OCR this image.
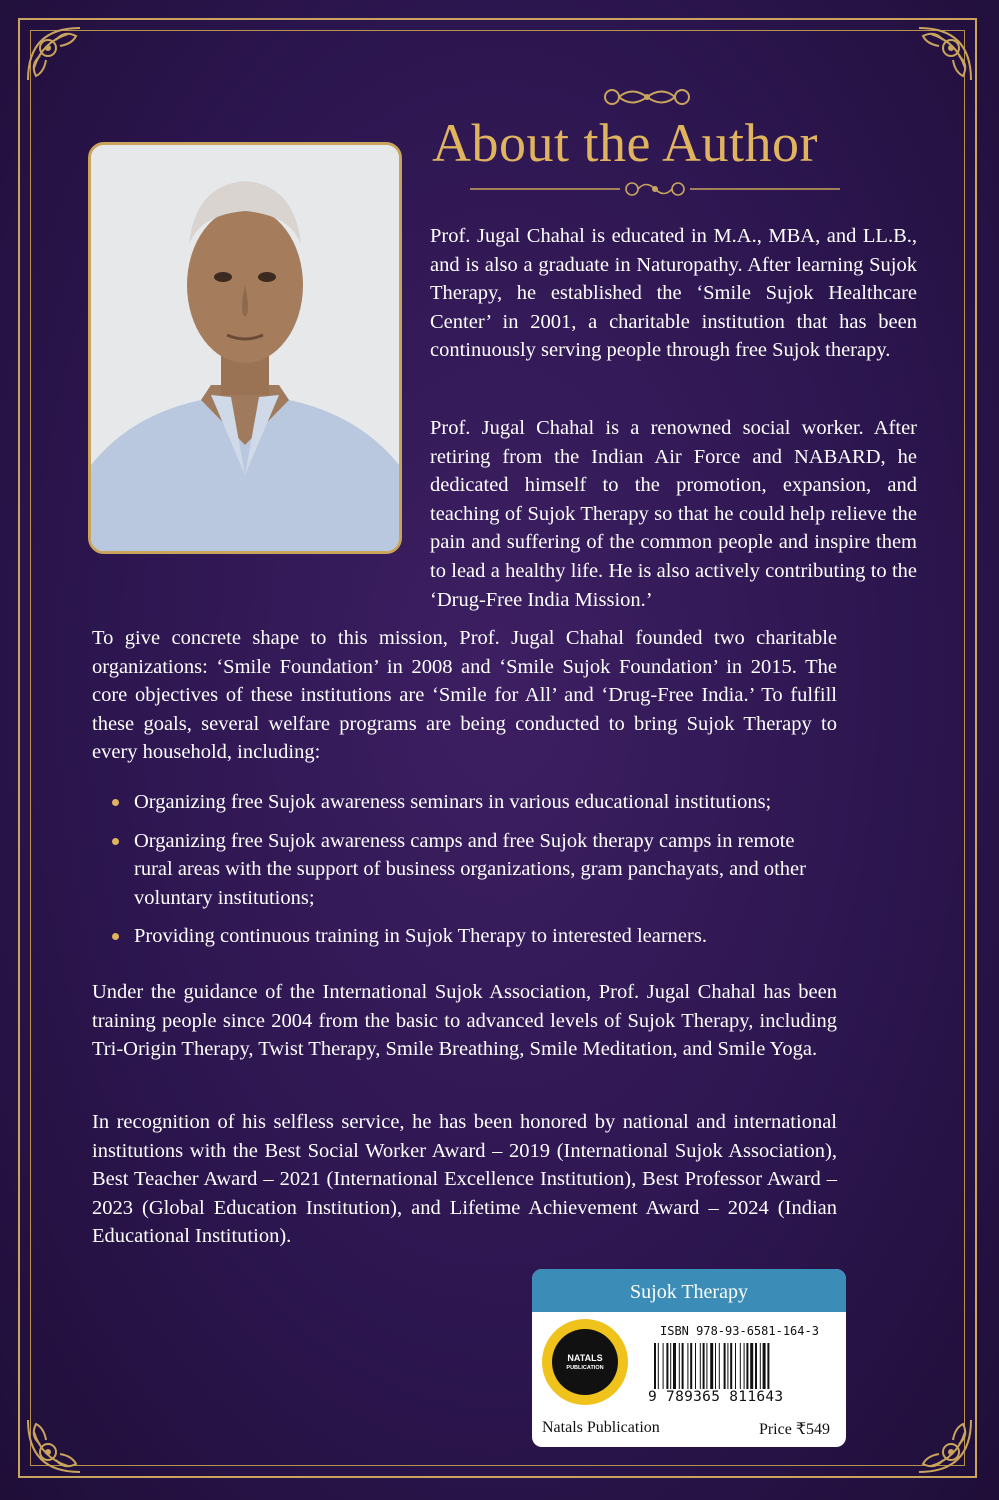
About the Author

Prof. Jugal Chahal is educated in M.A., MBA, and LL.B., and is also a graduate in Naturopathy. After learning Sujok Therapy, he established the ‘Smile Sujok Healthcare Center’ in 2001, a charitable institution that has been continuously serving people through free Sujok therapy.

Prof. Jugal Chahal is a renowned social worker. After retiring from the Indian Air Force and NABARD, he dedicated himself to the promotion, expansion, and teaching of Sujok Therapy so that he could help relieve the pain and suffering of the common people and inspire them to lead a healthy life. He is also actively contributing to the ‘Drug-Free India Mission.’

To give concrete shape to this mission, Prof. Jugal Chahal founded two charitable organizations: ‘Smile Foundation’ in 2008 and ‘Smile Sujok Foundation’ in 2015. The core objectives of these institutions are ‘Smile for All’ and ‘Drug-Free India.’ To fulfill these goals, several welfare programs are being conducted to bring Sujok Therapy to every household, including:

Organizing free Sujok awareness seminars in various educational institutions;
Organizing free Sujok awareness camps and free Sujok therapy camps in remote rural areas with the support of business organizations, gram panchayats, and other voluntary institutions;
Providing continuous training in Sujok Therapy to interested learners.

Under the guidance of the International Sujok Association, Prof. Jugal Chahal has been training people since 2004 from the basic to advanced levels of Sujok Therapy, including Tri-Origin Therapy, Twist Therapy, Smile Breathing, Smile Meditation, and Smile Yoga.

In recognition of his selfless service, he has been honored by national and international institutions with the Best Social Worker Award – 2019 (International Sujok Association), Best Teacher Award – 2021 (International Excellence Institution), Best Professor Award – 2023 (Global Education Institution), and Lifetime Achievement Award – 2024 (Indian Educational Institution).

Sujok Therapy
NATALS
PUBLICATION
ISBN 978-93-6581-164-3
9 789365 811643
Natals Publication	Price ₹549
